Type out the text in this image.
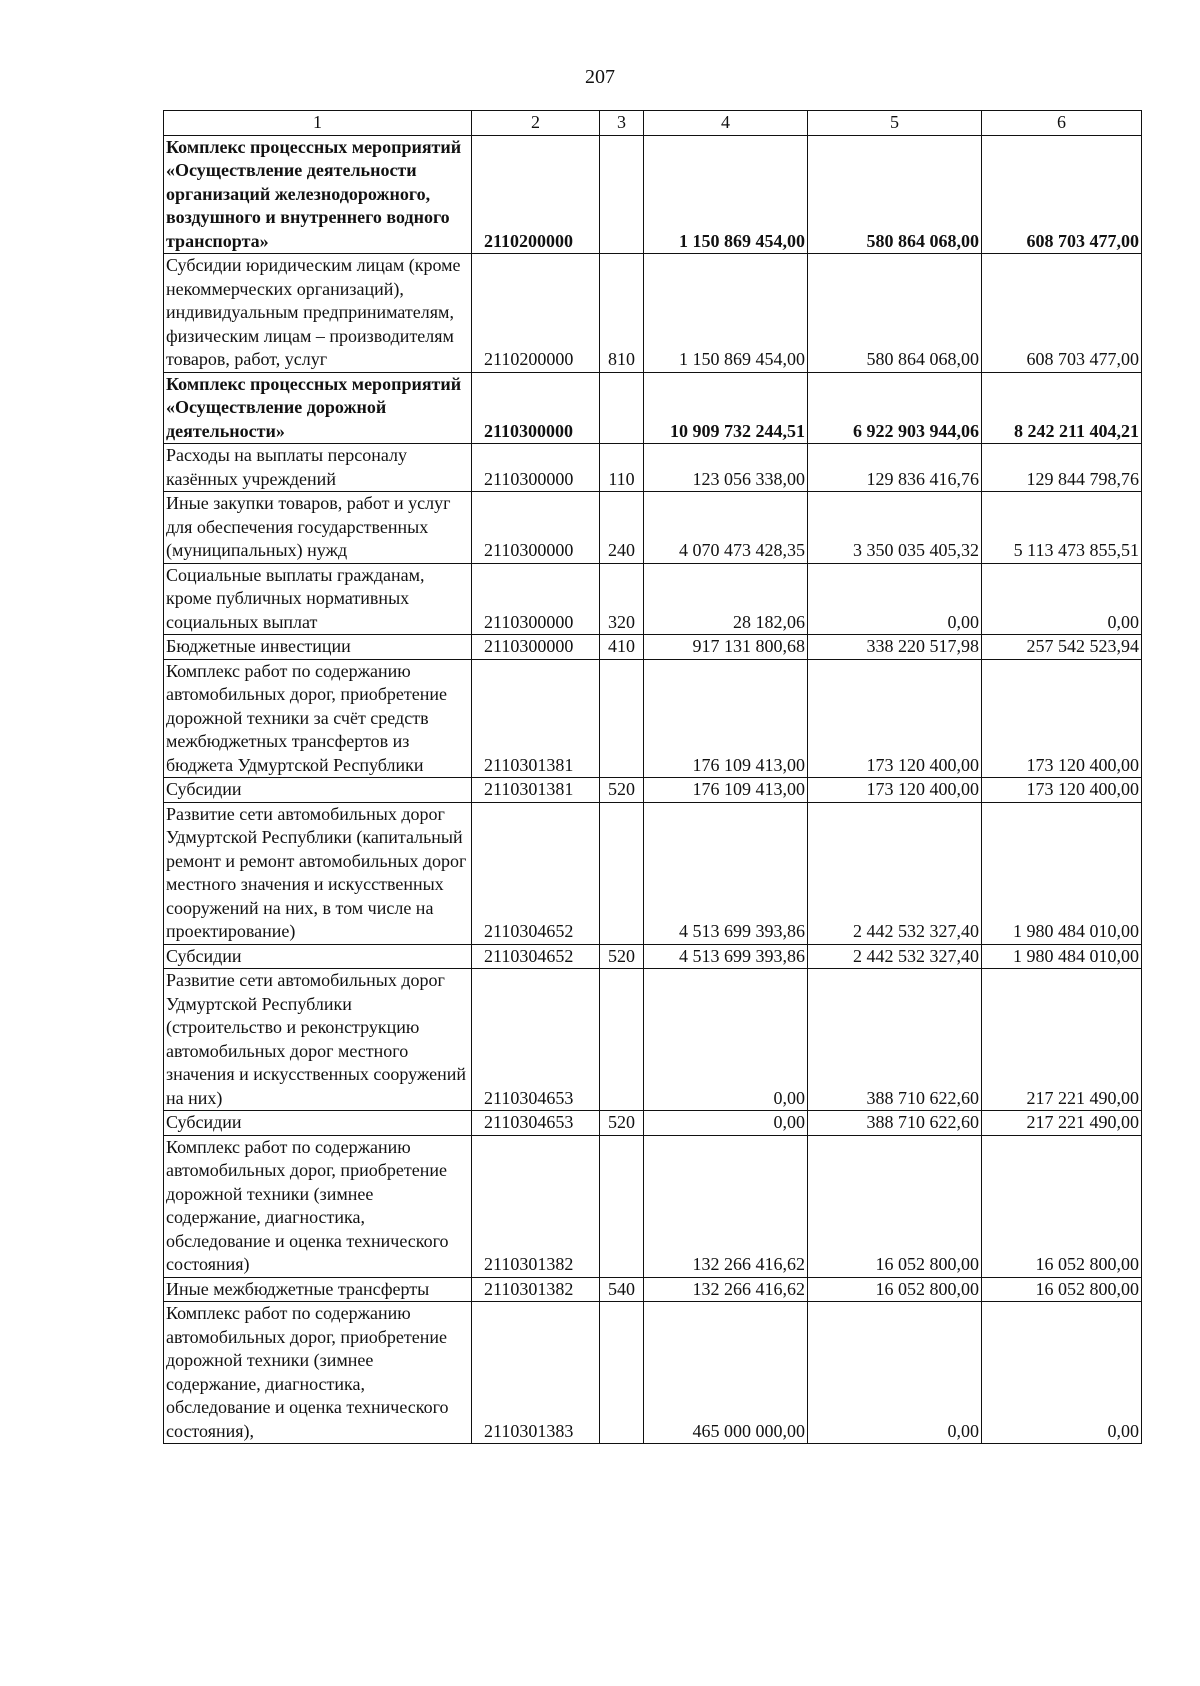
207
1	2	3	4	5	6
Комплекс процессных мероприятий «Осуществление деятельности организаций железнодорожного, воздушного и внутреннего водного транспорта»	2110200000		1 150 869 454,00	580 864 068,00	608 703 477,00
Субсидии юридическим лицам (кроме некоммерческих организаций), индивидуальным предпринимателям, физическим лицам – производителям товаров, работ, услуг	2110200000	810	1 150 869 454,00	580 864 068,00	608 703 477,00
Комплекс процессных мероприятий «Осуществление дорожной деятельности»	2110300000		10 909 732 244,51	6 922 903 944,06	8 242 211 404,21
Расходы на выплаты персоналу казённых учреждений	2110300000	110	123 056 338,00	129 836 416,76	129 844 798,76
Иные закупки товаров, работ и услуг для обеспечения государственных (муниципальных) нужд	2110300000	240	4 070 473 428,35	3 350 035 405,32	5 113 473 855,51
Социальные выплаты гражданам, кроме публичных нормативных социальных выплат	2110300000	320	28 182,06	0,00	0,00
Бюджетные инвестиции	2110300000	410	917 131 800,68	338 220 517,98	257 542 523,94
Комплекс работ по содержанию автомобильных дорог, приобретение дорожной техники за счёт средств межбюджетных трансфертов из бюджета Удмуртской Республики	2110301381		176 109 413,00	173 120 400,00	173 120 400,00
Субсидии	2110301381	520	176 109 413,00	173 120 400,00	173 120 400,00
Развитие сети автомобильных дорог Удмуртской Республики (капитальный ремонт и ремонт автомобильных дорог местного значения и искусственных сооружений на них, в том числе на проектирование)	2110304652		4 513 699 393,86	2 442 532 327,40	1 980 484 010,00
Субсидии	2110304652	520	4 513 699 393,86	2 442 532 327,40	1 980 484 010,00
Развитие сети автомобильных дорог Удмуртской Республики (строительство и реконструкцию автомобильных дорог местного значения и искусственных сооружений на них)	2110304653		0,00	388 710 622,60	217 221 490,00
Субсидии	2110304653	520	0,00	388 710 622,60	217 221 490,00
Комплекс работ по содержанию автомобильных дорог, приобретение дорожной техники (зимнее содержание, диагностика, обследование и оценка технического состояния)	2110301382		132 266 416,62	16 052 800,00	16 052 800,00
Иные межбюджетные трансферты	2110301382	540	132 266 416,62	16 052 800,00	16 052 800,00
Комплекс работ по содержанию автомобильных дорог, приобретение дорожной техники (зимнее содержание, диагностика, обследование и оценка технического состояния),	2110301383		465 000 000,00	0,00	0,00
